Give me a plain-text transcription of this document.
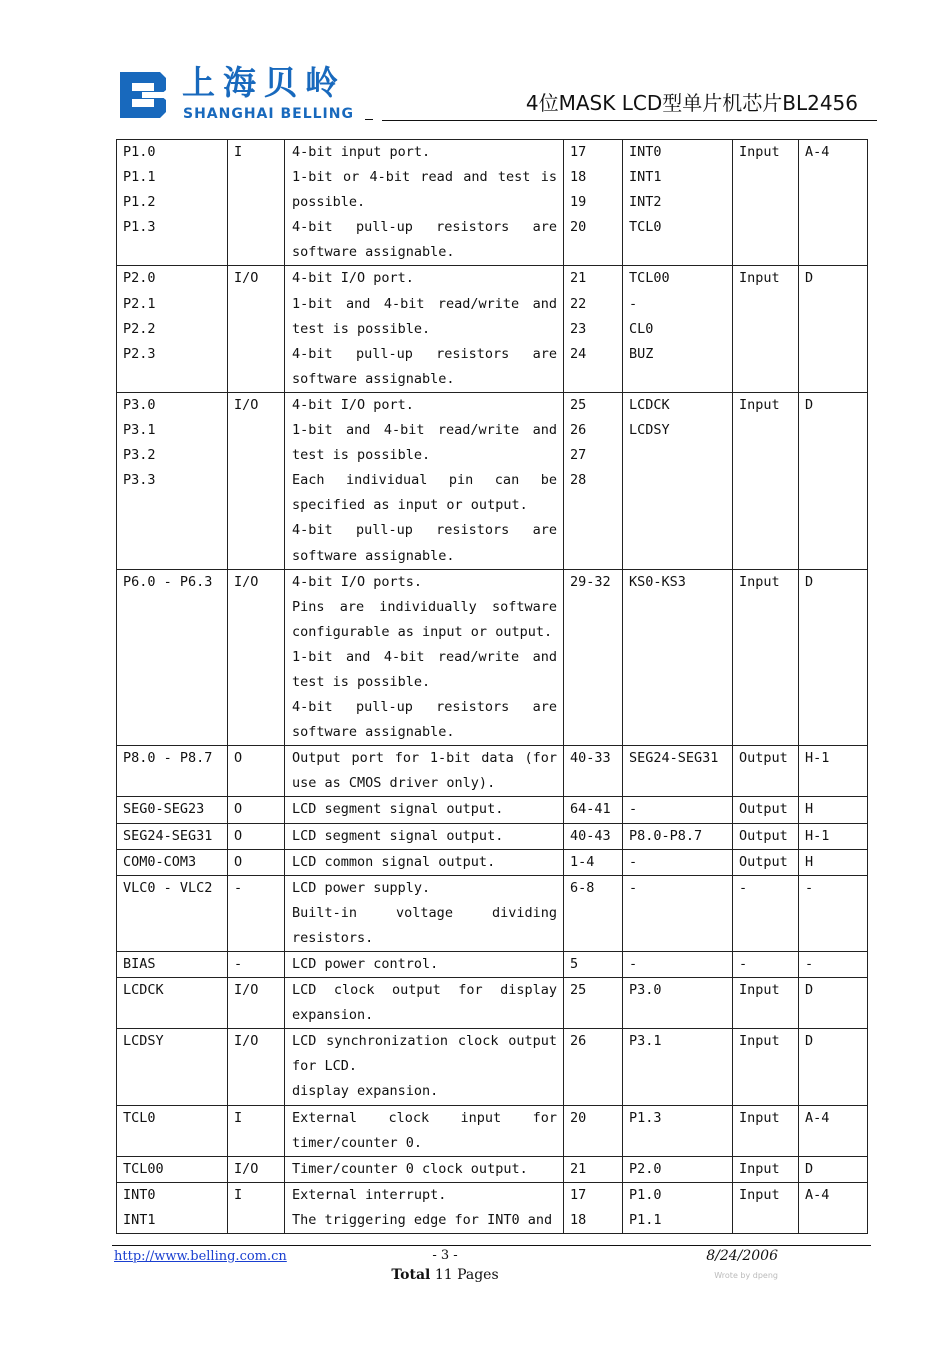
上海贝岭
SHANGHAI BELLING	4位MASK LCD型单片机芯片BL2456
P1.0
P1.1
P1.2
P1.3	I	4-bit input port.
1-bit or 4-bit read and test is possible.
4-bit pull-up resistors are software assignable.	17
18
19
20	INT0
INT1
INT2
TCL0	Input	A-4

P2.0
P2.1
P2.2
P2.3	I/O	4-bit I/O port.
1-bit and 4-bit read/write and test is possible.
4-bit pull-up resistors are software assignable.	21
22
23
24	TCL00
-
CL0
BUZ	Input	D

P3.0
P3.1
P3.2
P3.3	I/O	4-bit I/O port.
1-bit and 4-bit read/write and test is possible.
Each individual pin can be specified as input or output.
4-bit pull-up resistors are software assignable.	25
26
27
28	LCDCK
LCDSY	Input	D

P6.0 - P6.3	I/O	4-bit I/O ports.
Pins are individually software configurable as input or output.
1-bit and 4-bit read/write and test is possible.
4-bit pull-up resistors are software assignable.	29-32	KS0-KS3	Input	D

P8.0 - P8.7	O	Output port for 1-bit data (for use as CMOS driver only).	40-33	SEG24-SEG31	Output	H-1

SEG0-SEG23	O	LCD segment signal output.	64-41	-	Output	H

SEG24-SEG31	O	LCD segment signal output.	40-43	P8.0-P8.7	Output	H-1

COM0-COM3	O	LCD common signal output.	1-4	-	Output	H

VLC0 - VLC2	-	LCD power supply.
Built-in voltage dividing resistors.	6-8	-	-	-

BIAS	-	LCD power control.	5	-	-	-

LCDCK	I/O	LCD clock output for display expansion.	25	P3.0	Input	D

LCDSY	I/O	LCD synchronization clock output for LCD.
display expansion.	26	P3.1	Input	D

TCL0	I	External clock input for timer/counter 0.	20	P1.3	Input	A-4

TCL00	I/O	Timer/counter 0 clock output.	21	P2.0	Input	D

INT0
INT1	I	External interrupt.
The triggering edge for INT0 and	17
18	P1.0
P1.1	Input	A-4
http://www.belling.com.cn	- 3 -
Total 11 Pages
8/24/2006
Wrote by dpeng
